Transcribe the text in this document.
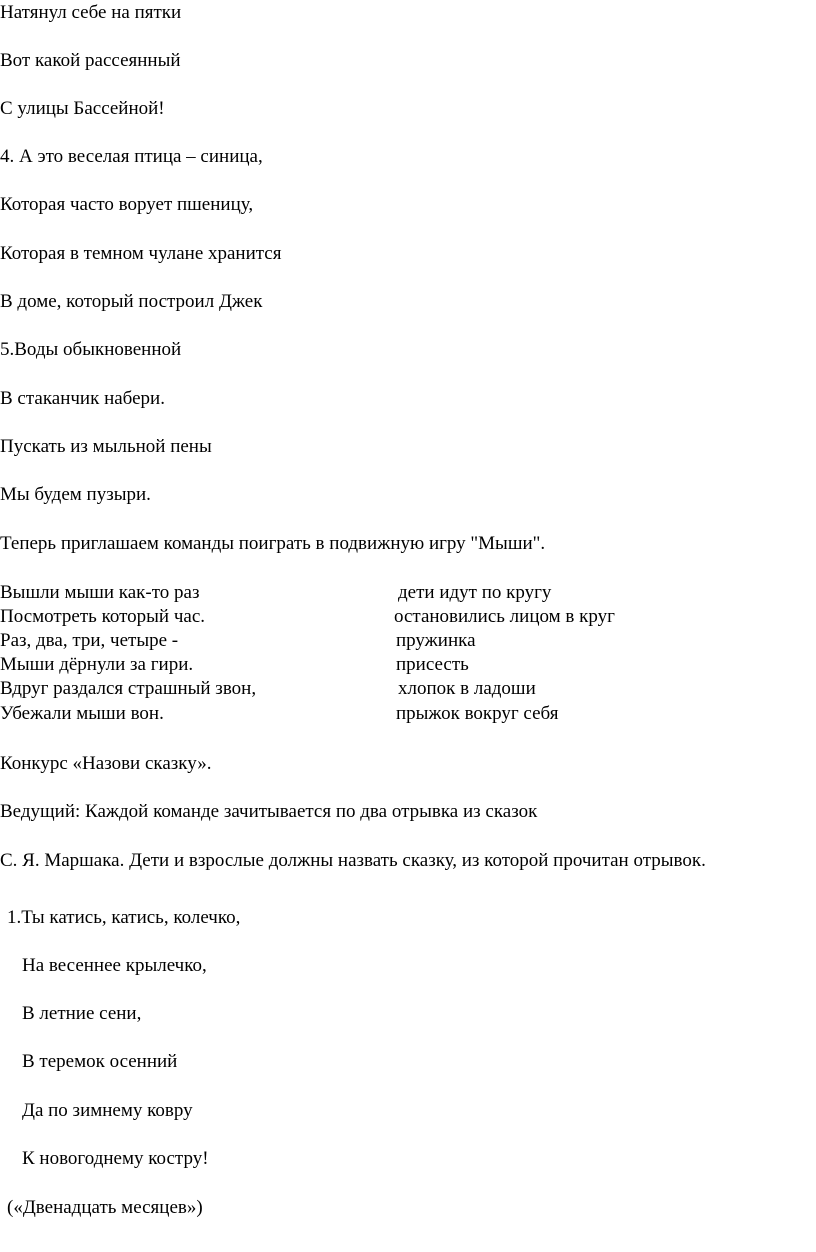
Натянул себе на пятки
Вот какой рассеянный
С улицы Бассейной!
4. А это веселая птица – синица,
Которая часто ворует пшеницу,
Которая в темном чулане хранится
В доме, который построил Джек
5.Воды обыкновенной
В стаканчик набери.
Пускать из мыльной пены
Мы будем пузыри.
Теперь приглашаем команды поиграть в подвижную игру "Мыши".
Вышли мыши как-то раз	дети идут по кругу
Посмотреть который час.	остановились лицом в круг
Раз, два, три, четыре -	пружинка
Мыши дёрнули за гири.	присесть
Вдруг раздался страшный звон,	хлопок в ладоши
Убежали мыши вон.	прыжок вокруг себя
Конкурс «Назови сказку».
Ведущий: Каждой команде зачитывается по два отрывка из сказок
С. Я. Маршака. Дети и взрослые должны назвать сказку, из которой прочитан отрывок.
1.Ты катись, катись, колечко,
На весеннее крылечко,
В летние сени,
В теремок осенний
Да по зимнему ковру
К новогоднему костру!
(«Двенадцать месяцев»)
